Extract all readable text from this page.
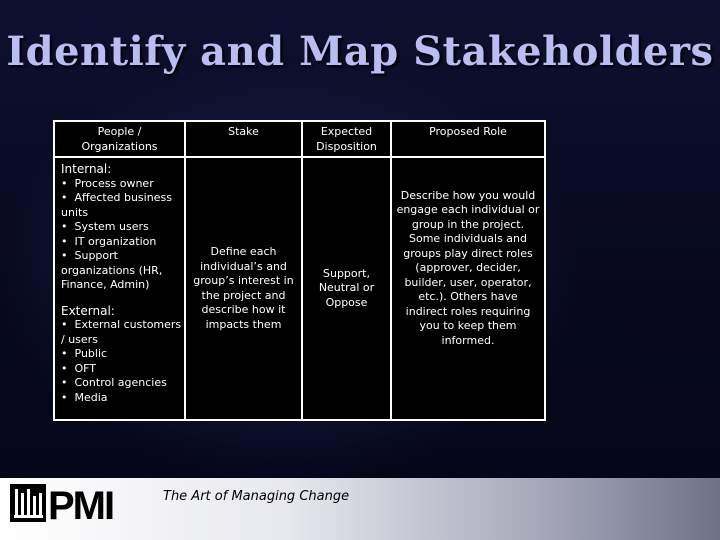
Identify and Map Stakeholders
People / Organizations
Stake	Expected Disposition
Proposed Role
Internal:
• Process owner
• Affected business units
• System users
• IT organization
• Support organizations (HR, Finance, Admin)
External:
• External customers / users
• Public
• OFT
• Control agencies
• Media
Define each individual’s and group’s interest in the project and describe how it impacts them
Support, Neutral or Oppose
Describe how you would engage each individual or group in the project. Some individuals and groups play direct roles (approver, decider, builder, user, operator, etc.). Others have indirect roles requiring you to keep them informed.
PMI	The Art of Managing Change
